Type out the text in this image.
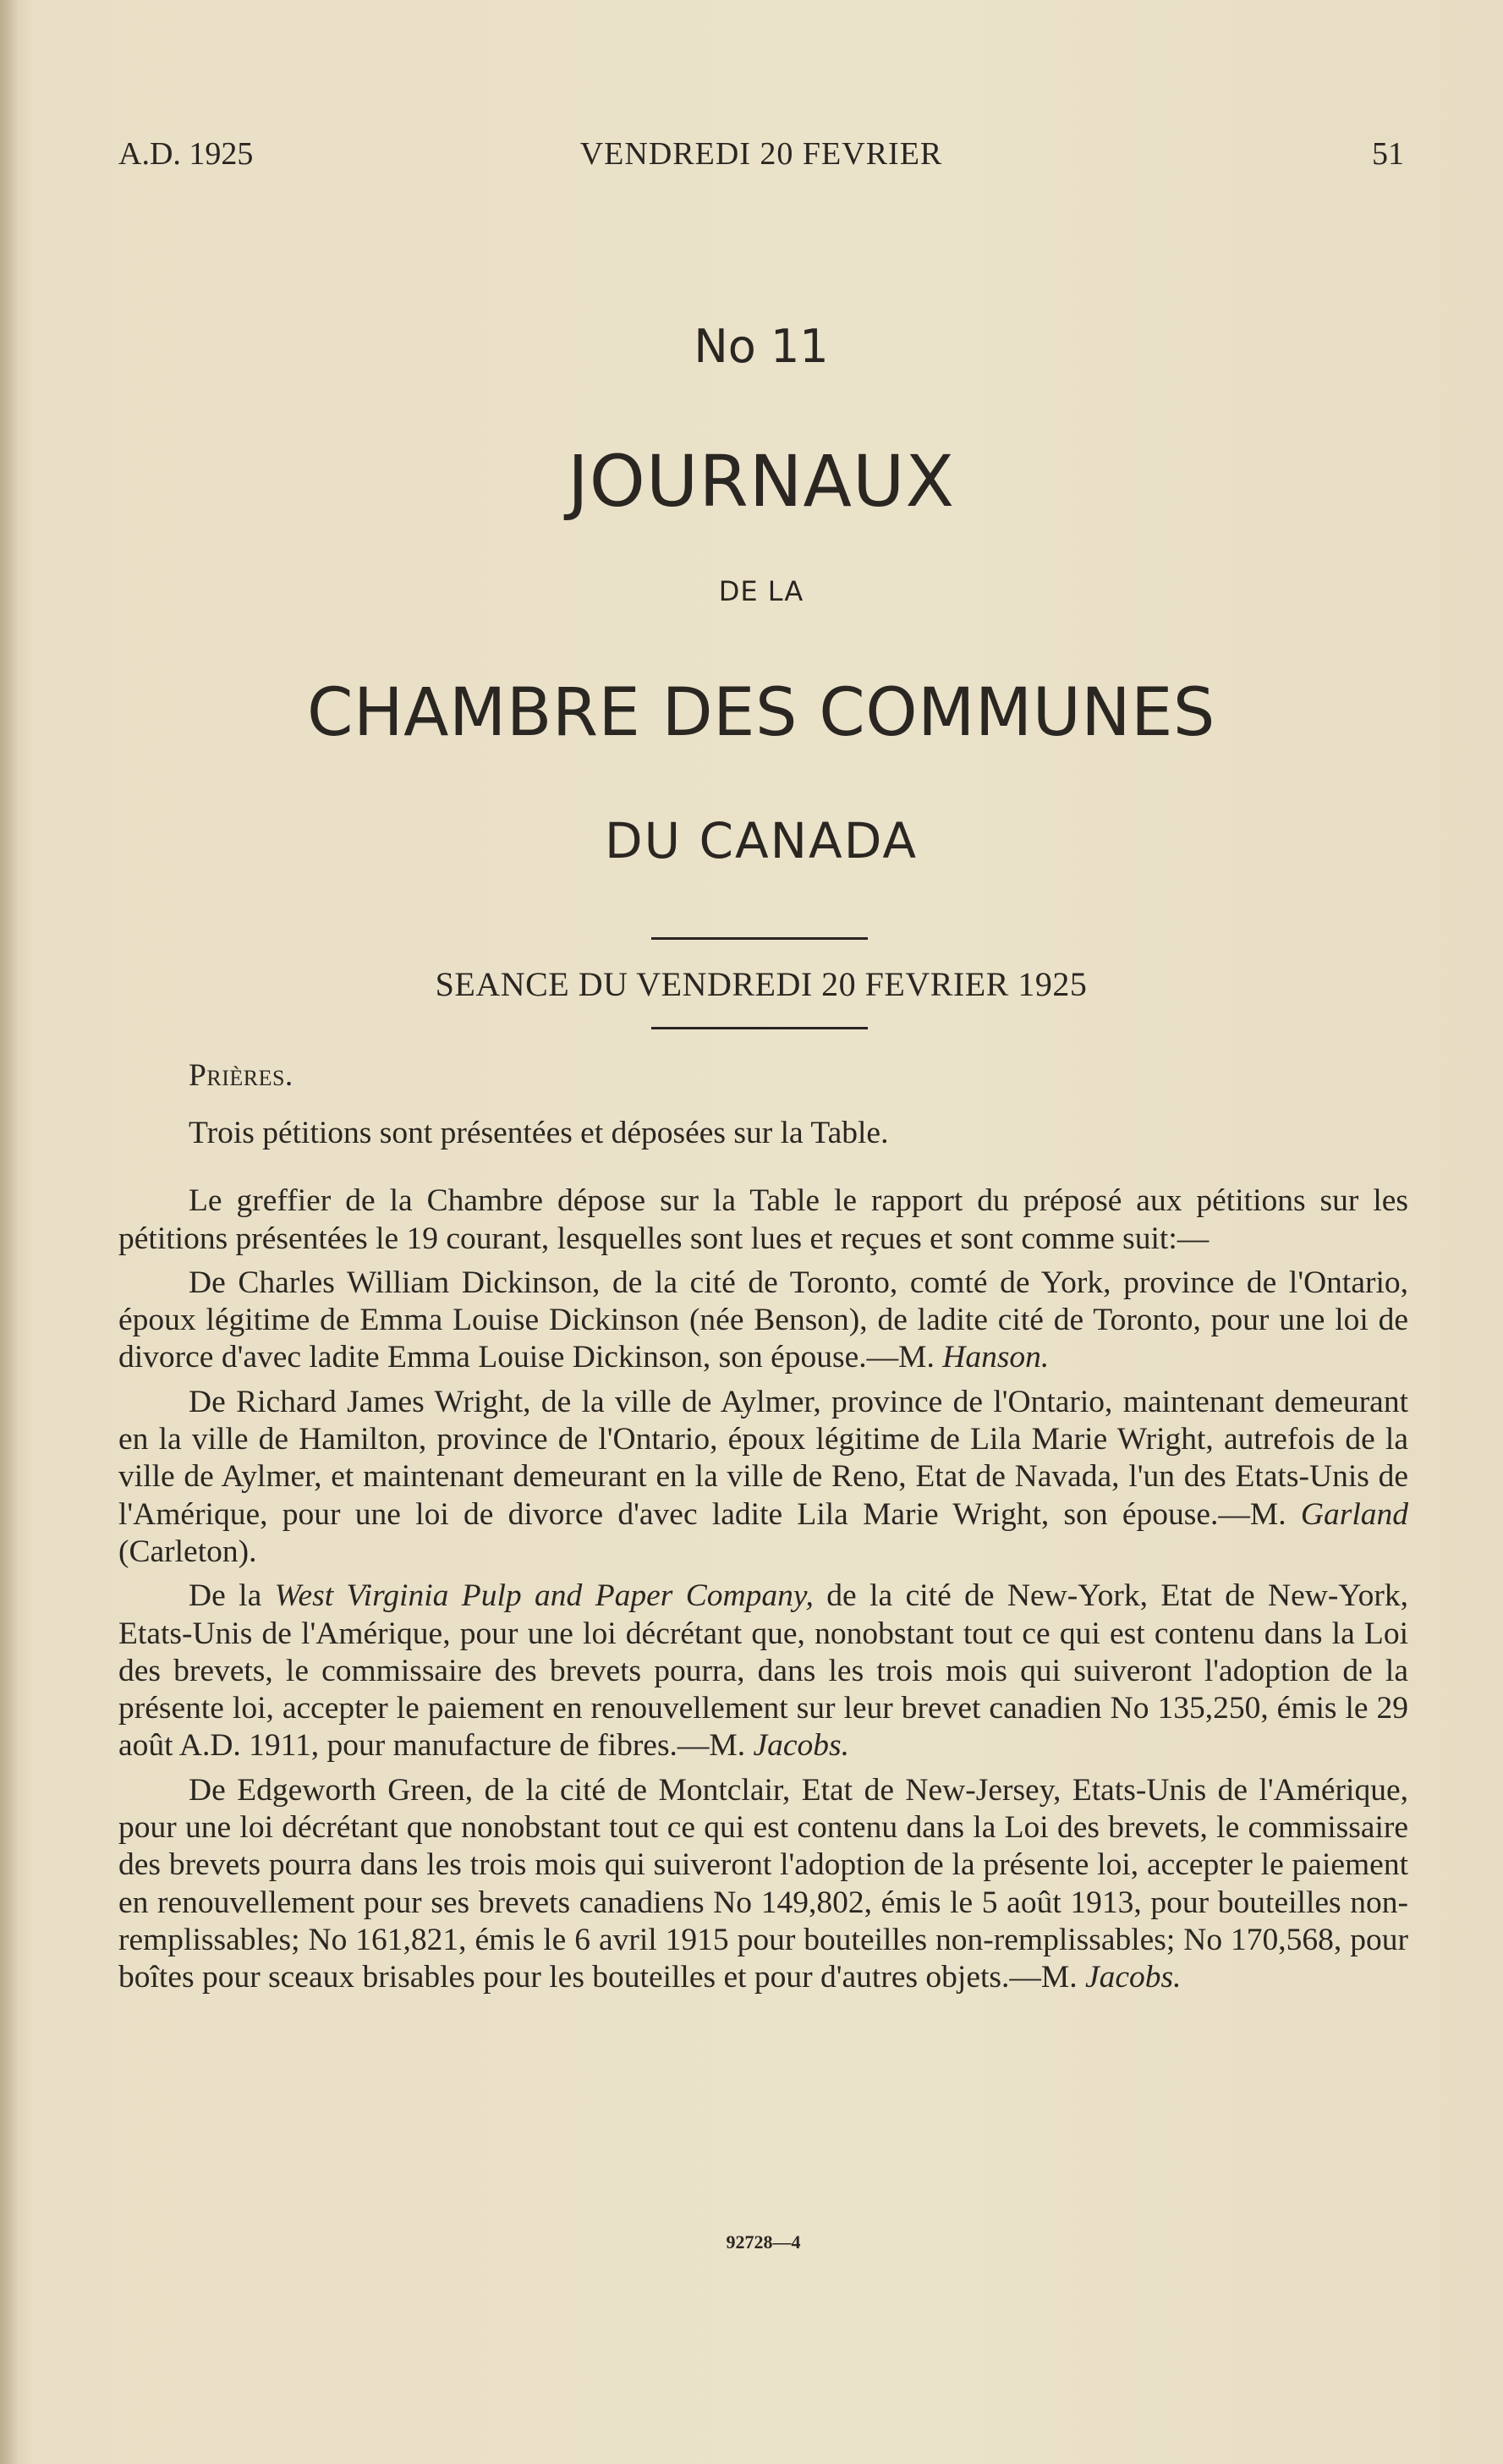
A.D. 1925	VENDREDI 20 FEVRIER	51
No 11
JOURNAUX
DE LA
CHAMBRE DES COMMUNES
DU CANADA
SEANCE DU VENDREDI 20 FEVRIER 1925

Prières.

Trois pétitions sont présentées et déposées sur la Table.

Le greffier de la Chambre dépose sur la Table le rapport du préposé aux pétitions sur les pétitions présentées le 19 courant, lesquelles sont lues et reçues et sont comme suit:—

De Charles William Dickinson, de la cité de Toronto, comté de York, province de l'Ontario, époux légitime de Emma Louise Dickinson (née Benson), de ladite cité de Toronto, pour une loi de divorce d'avec ladite Emma Louise Dickinson, son épouse.—M. Hanson.

De Richard James Wright, de la ville de Aylmer, province de l'Ontario, maintenant demeurant en la ville de Hamilton, province de l'Ontario, époux légitime de Lila Marie Wright, autrefois de la ville de Aylmer, et maintenant demeurant en la ville de Reno, Etat de Navada, l'un des Etats-Unis de l'Amérique, pour une loi de divorce d'avec ladite Lila Marie Wright, son épouse.—M. Garland (Carleton).

De la West Virginia Pulp and Paper Company, de la cité de New-York, Etat de New-York, Etats-Unis de l'Amérique, pour une loi décrétant que, nonobstant tout ce qui est contenu dans la Loi des brevets, le commissaire des brevets pourra, dans les trois mois qui suiveront l'adoption de la présente loi, accepter le paiement en renouvellement sur leur brevet canadien No 135,250, émis le 29 août A.D. 1911, pour manufacture de fibres.—M. Jacobs.

De Edgeworth Green, de la cité de Montclair, Etat de New-Jersey, Etats-Unis de l'Amérique, pour une loi décrétant que nonobstant tout ce qui est contenu dans la Loi des brevets, le commissaire des brevets pourra dans les trois mois qui suiveront l'adoption de la présente loi, accepter le paiement en renouvellement pour ses brevets canadiens No 149,802, émis le 5 août 1913, pour bouteilles non-remplissables; No 161,821, émis le 6 avril 1915 pour bouteilles non-remplissables; No 170,568, pour boîtes pour sceaux brisables pour les bouteilles et pour d'autres objets.—M. Jacobs.

92728—4
